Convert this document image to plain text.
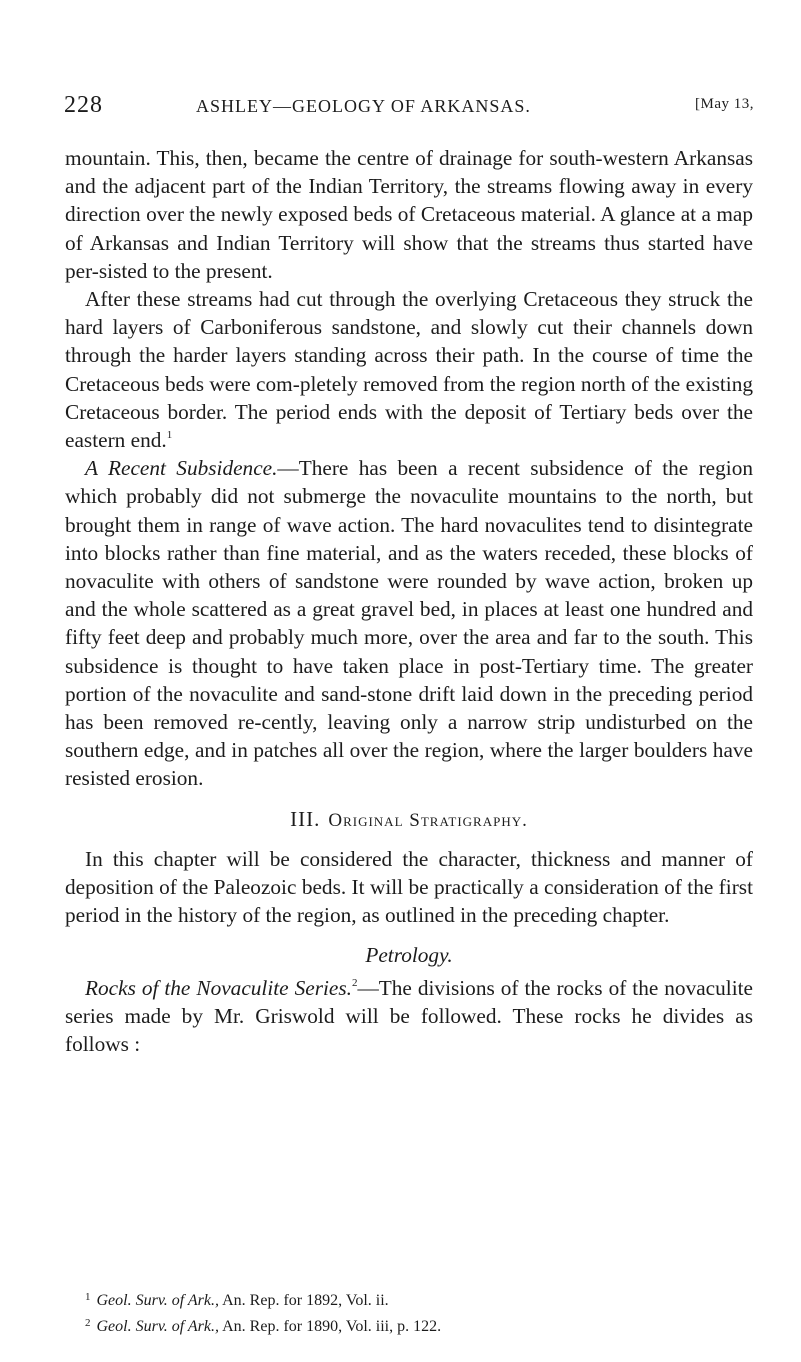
228	ASHLEY—GEOLOGY OF ARKANSAS.	[May 13,

mountain. This, then, became the centre of drainage for south-western Arkansas and the adjacent part of the Indian Territory, the streams flowing away in every direction over the newly exposed beds of Cretaceous material. A glance at a map of Arkansas and Indian Territory will show that the streams thus started have per-sisted to the present.

After these streams had cut through the overlying Cretaceous they struck the hard layers of Carboniferous sandstone, and slowly cut their channels down through the harder layers standing across their path. In the course of time the Cretaceous beds were com-pletely removed from the region north of the existing Cretaceous border. The period ends with the deposit of Tertiary beds over the eastern end.$^1$

A Recent Subsidence.—There has been a recent subsidence of the region which probably did not submerge the novaculite mountains to the north, but brought them in range of wave action. The hard novaculites tend to disintegrate into blocks rather than fine material, and as the waters receded, these blocks of novaculite with others of sandstone were rounded by wave action, broken up and the whole scattered as a great gravel bed, in places at least one hundred and fifty feet deep and probably much more, over the area and far to the south. This subsidence is thought to have taken place in post-Tertiary time. The greater portion of the novaculite and sand-stone drift laid down in the preceding period has been removed re-cently, leaving only a narrow strip undisturbed on the southern edge, and in patches all over the region, where the larger boulders have resisted erosion.

III. Original Stratigraphy.

In this chapter will be considered the character, thickness and manner of deposition of the Paleozoic beds. It will be practically a consideration of the first period in the history of the region, as outlined in the preceding chapter.

Petrology.

Rocks of the Novaculite Series.$^2$—The divisions of the rocks of the novaculite series made by Mr. Griswold will be followed. These rocks he divides as follows :

$^1$ Geol. Surv. of Ark., An. Rep. for 1892, Vol. ii.
$^2$ Geol. Surv. of Ark., An. Rep. for 1890, Vol. iii, p. 122.
